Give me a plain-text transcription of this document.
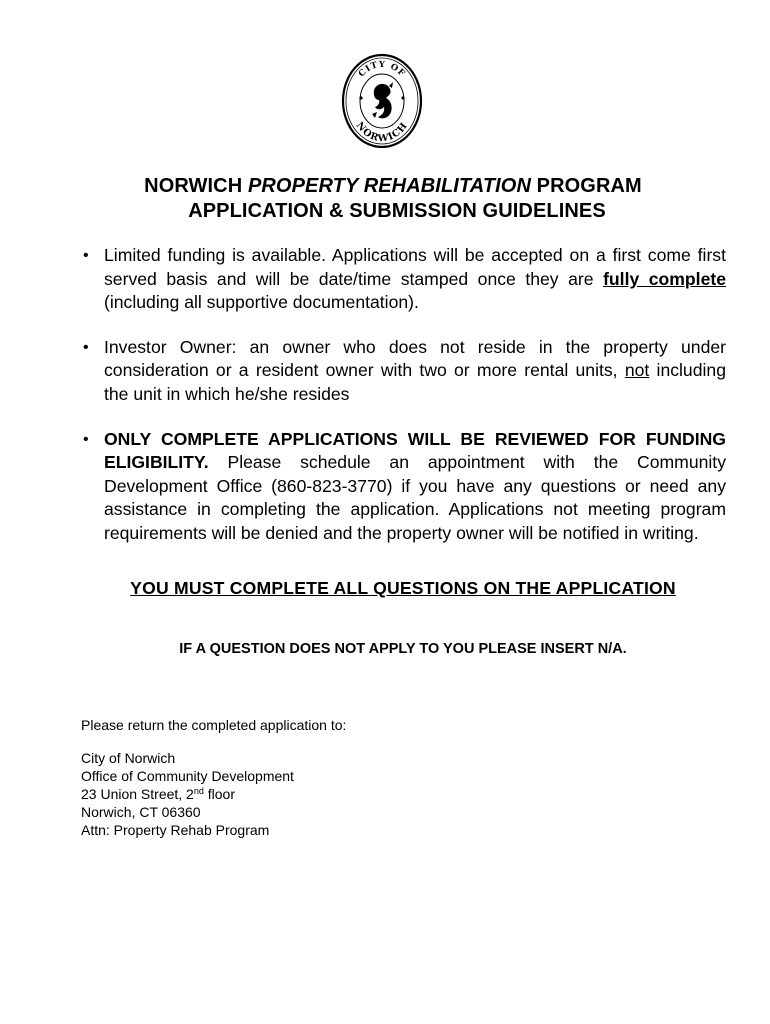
CITY OF
NORWICH
NORWICH PROPERTY REHABILITATION PROGRAM
APPLICATION & SUBMISSION GUIDELINES
• Limited funding is available. Applications will be accepted on a first come first served basis and will be date/time stamped once they are fully complete (including all supportive documentation).
• Investor Owner: an owner who does not reside in the property under consideration or a resident owner with two or more rental units, not including the unit in which he/she resides
• ONLY COMPLETE APPLICATIONS WILL BE REVIEWED FOR FUNDING ELIGIBILITY. Please schedule an appointment with the Community Development Office (860-823-3770) if you have any questions or need any assistance in completing the application. Applications not meeting program requirements will be denied and the property owner will be notified in writing.
YOU MUST COMPLETE ALL QUESTIONS ON THE APPLICATION
IF A QUESTION DOES NOT APPLY TO YOU PLEASE INSERT N/A.
Please return the completed application to:
City of Norwich
Office of Community Development
23 Union Street, 2nd floor
Norwich, CT 06360
Attn: Property Rehab Program
